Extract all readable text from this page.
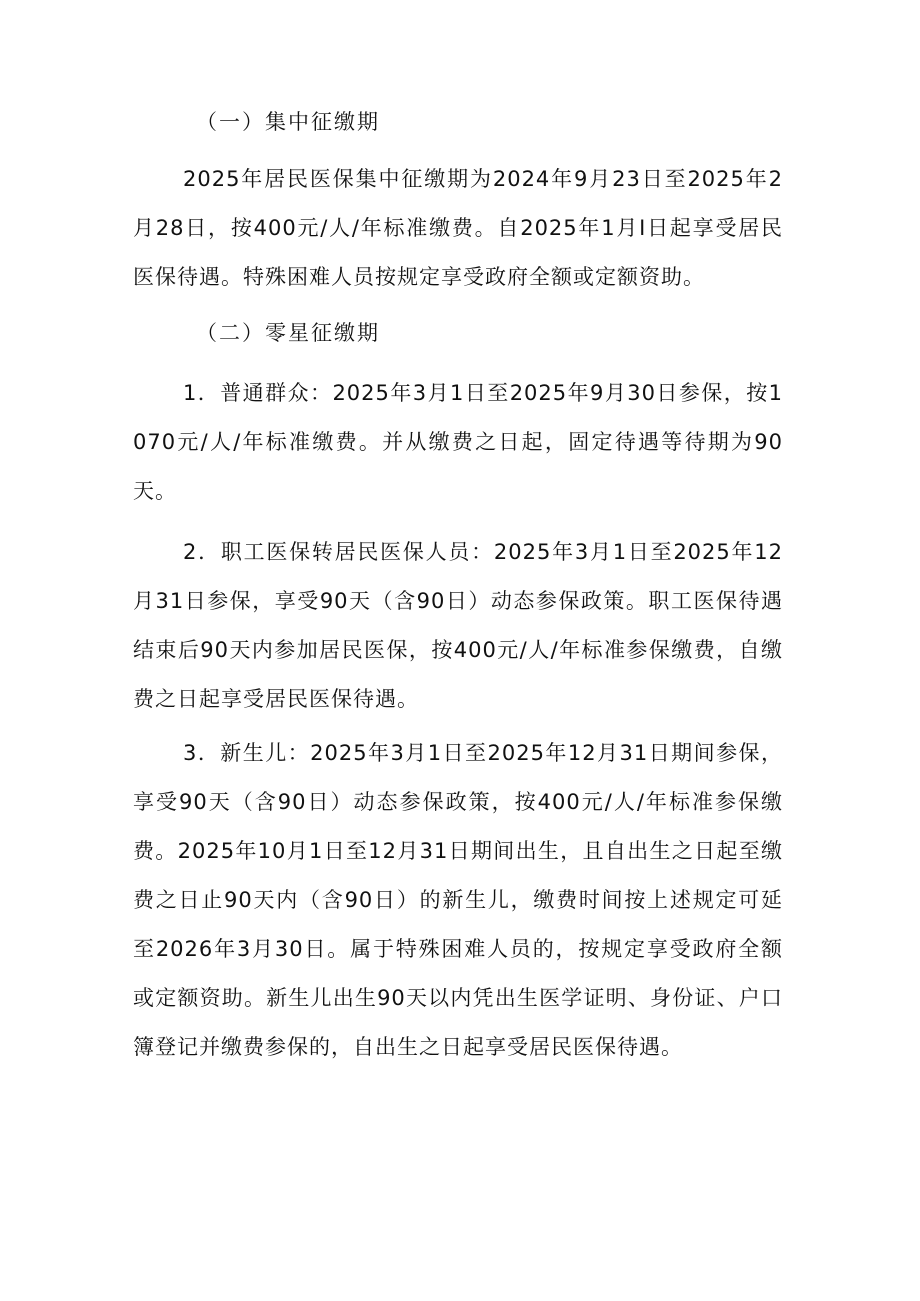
（一）集中征缴期

2025年居民医保集中征缴期为2024年9月23日至2025年2月28日，按400元/人/年标准缴费。自2025年1月I日起享受居民医保待遇。特殊困难人员按规定享受政府全额或定额资助。

（二）零星征缴期

1．普通群众：2025年3月1日至2025年9月30日参保，按1070元/人/年标准缴费。并从缴费之日起，固定待遇等待期为90天。

2．职工医保转居民医保人员：2025年3月1日至2025年12月31日参保，享受90天（含90日）动态参保政策。职工医保待遇结束后90天内参加居民医保，按400元/人/年标准参保缴费，自缴费之日起享受居民医保待遇。

3．新生儿：2025年3月1日至2025年12月31日期间参保，享受90天（含90日）动态参保政策，按400元/人/年标准参保缴费。2025年10月1日至12月31日期间出生，且自出生之日起至缴费之日止90天内（含90日）的新生儿，缴费时间按上述规定可延至2026年3月30日。属于特殊困难人员的，按规定享受政府全额或定额资助。新生儿出生90天以内凭出生医学证明、身份证、户口簿登记并缴费参保的，自出生之日起享受居民医保待遇。
